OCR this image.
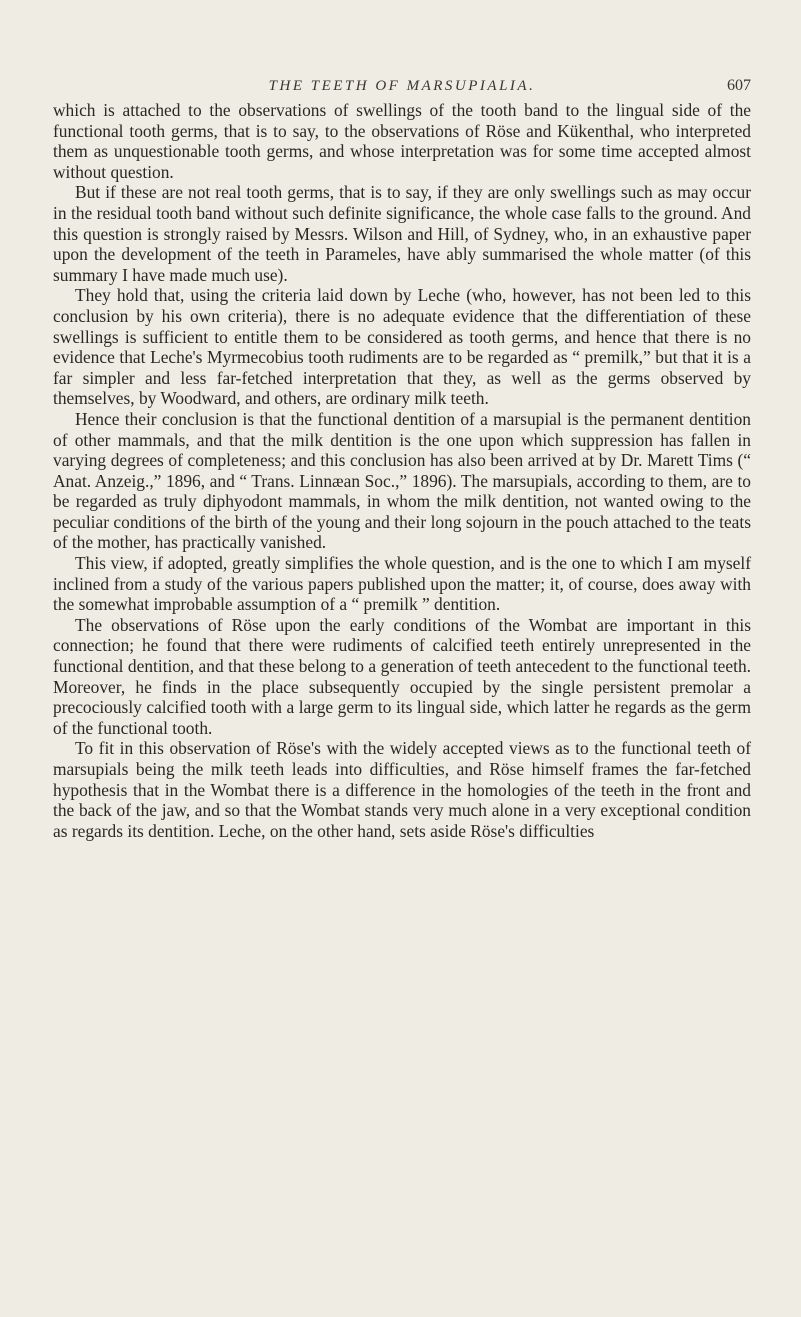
THE TEETH OF MARSUPIALIA.	607

which is attached to the observations of swellings of the tooth band to the lingual side of the functional tooth germs, that is to say, to the observations of Röse and Kükenthal, who interpreted them as unquestionable tooth germs, and whose interpretation was for some time accepted almost without question.

But if these are not real tooth germs, that is to say, if they are only swellings such as may occur in the residual tooth band without such definite significance, the whole case falls to the ground. And this question is strongly raised by Messrs. Wilson and Hill, of Sydney, who, in an exhaustive paper upon the development of the teeth in Parameles, have ably summarised the whole matter (of this summary I have made much use).

They hold that, using the criteria laid down by Leche (who, however, has not been led to this conclusion by his own criteria), there is no adequate evidence that the differentiation of these swellings is sufficient to entitle them to be considered as tooth germs, and hence that there is no evidence that Leche's Myrmecobius tooth rudiments are to be regarded as “ premilk,” but that it is a far simpler and less far-fetched interpretation that they, as well as the germs observed by themselves, by Woodward, and others, are ordinary milk teeth.

Hence their conclusion is that the functional dentition of a marsupial is the permanent dentition of other mammals, and that the milk dentition is the one upon which suppression has fallen in varying degrees of completeness; and this conclusion has also been arrived at by Dr. Marett Tims (“ Anat. Anzeig.,” 1896, and “ Trans. Linnæan Soc.,” 1896). The marsupials, according to them, are to be regarded as truly diphyodont mammals, in whom the milk dentition, not wanted owing to the peculiar conditions of the birth of the young and their long sojourn in the pouch attached to the teats of the mother, has practically vanished.

This view, if adopted, greatly simplifies the whole question, and is the one to which I am myself inclined from a study of the various papers published upon the matter; it, of course, does away with the somewhat improbable assumption of a “ premilk ” dentition.

The observations of Röse upon the early conditions of the Wombat are important in this connection; he found that there were rudiments of calcified teeth entirely unrepresented in the functional dentition, and that these belong to a generation of teeth antecedent to the functional teeth. Moreover, he finds in the place subsequently occupied by the single persistent premolar a precociously calcified tooth with a large germ to its lingual side, which latter he regards as the germ of the functional tooth.

To fit in this observation of Röse's with the widely accepted views as to the functional teeth of marsupials being the milk teeth leads into difficulties, and Röse himself frames the far-fetched hypothesis that in the Wombat there is a difference in the homologies of the teeth in the front and the back of the jaw, and so that the Wombat stands very much alone in a very exceptional condition as regards its dentition. Leche, on the other hand, sets aside Röse's difficulties
